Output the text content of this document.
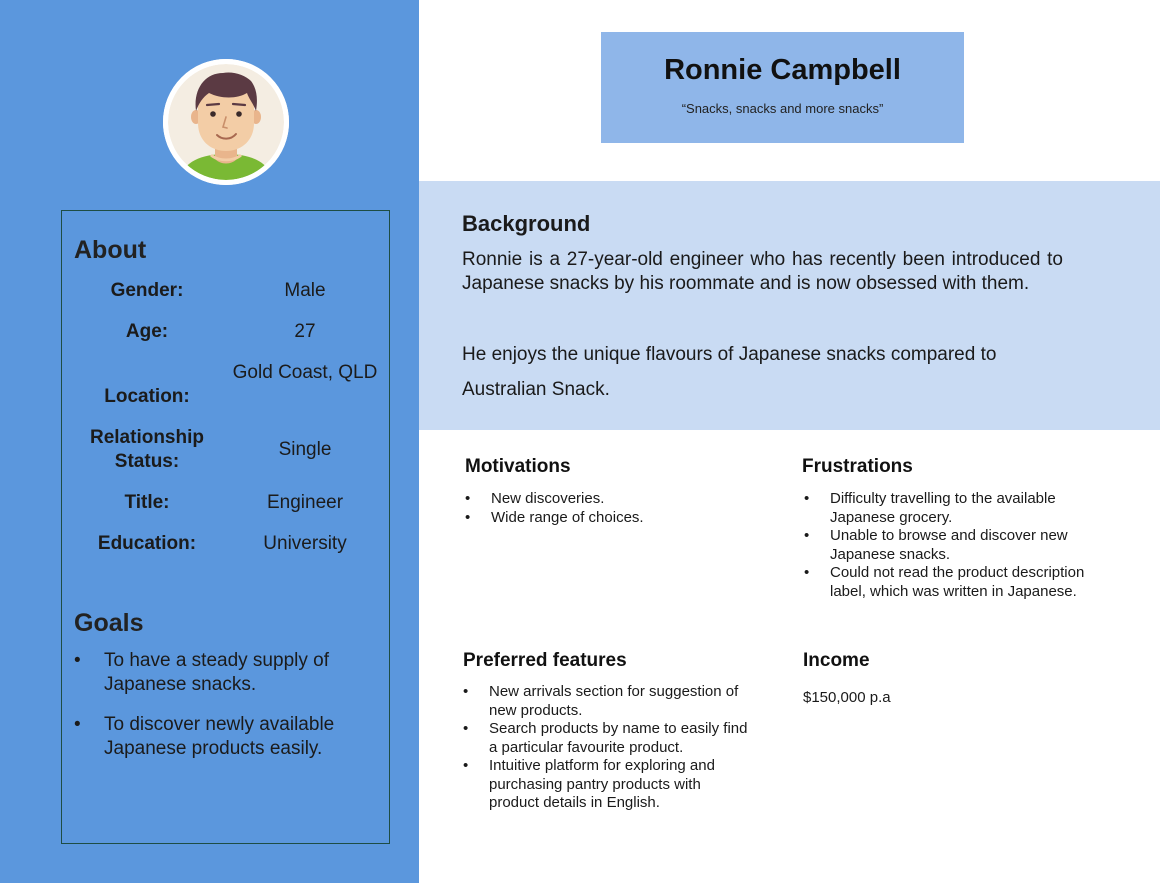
About
Gender:	Male
Age:	27
Location:
Gold Coast, QLD
Relationship Status:
Single
Title:	Engineer
Education:	University
Goals
• To have a steady supply of Japanese snacks.
• To discover newly available Japanese products easily.
Ronnie Campbell

“Snacks, snacks and more snacks”

Background

Ronnie is a 27-year-old engineer who has recently been introduced to Japanese snacks by his roommate and is now obsessed with them.

He enjoys the unique flavours of Japanese snacks compared to Australian Snack.

Motivations
• New discoveries.
• Wide range of choices.
Frustrations
• Difficulty travelling to the available Japanese grocery.
• Unable to browse and discover new Japanese snacks.
• Could not read the product description label, which was written in Japanese.
Preferred features
• New arrivals section for suggestion of new products.
• Search products by name to easily find a particular favourite product.
• Intuitive platform for exploring and purchasing pantry products with product details in English.
Income

$150,000 p.a
